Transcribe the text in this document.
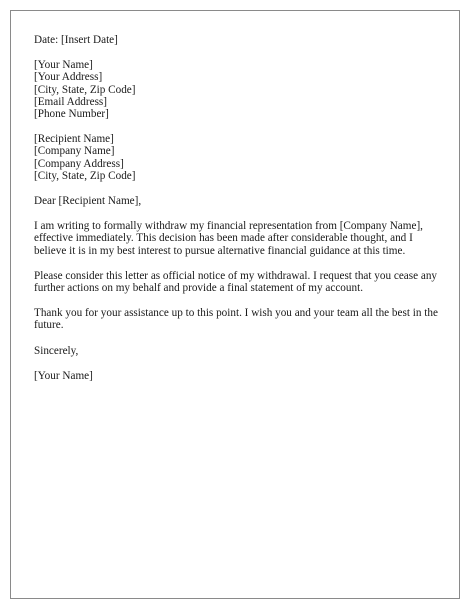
Date: [Insert Date]

[Your Name]
[Your Address]
[City, State, Zip Code]
[Email Address]
[Phone Number]

[Recipient Name]
[Company Name]
[Company Address]
[City, State, Zip Code]

Dear [Recipient Name],

I am writing to formally withdraw my financial representation from [Company Name], effective immediately. This decision has been made after considerable thought, and I believe it is in my best interest to pursue alternative financial guidance at this time.

Please consider this letter as official notice of my withdrawal. I request that you cease any further actions on my behalf and provide a final statement of my account.

Thank you for your assistance up to this point. I wish you and your team all the best in the future.

Sincerely,

[Your Name]
